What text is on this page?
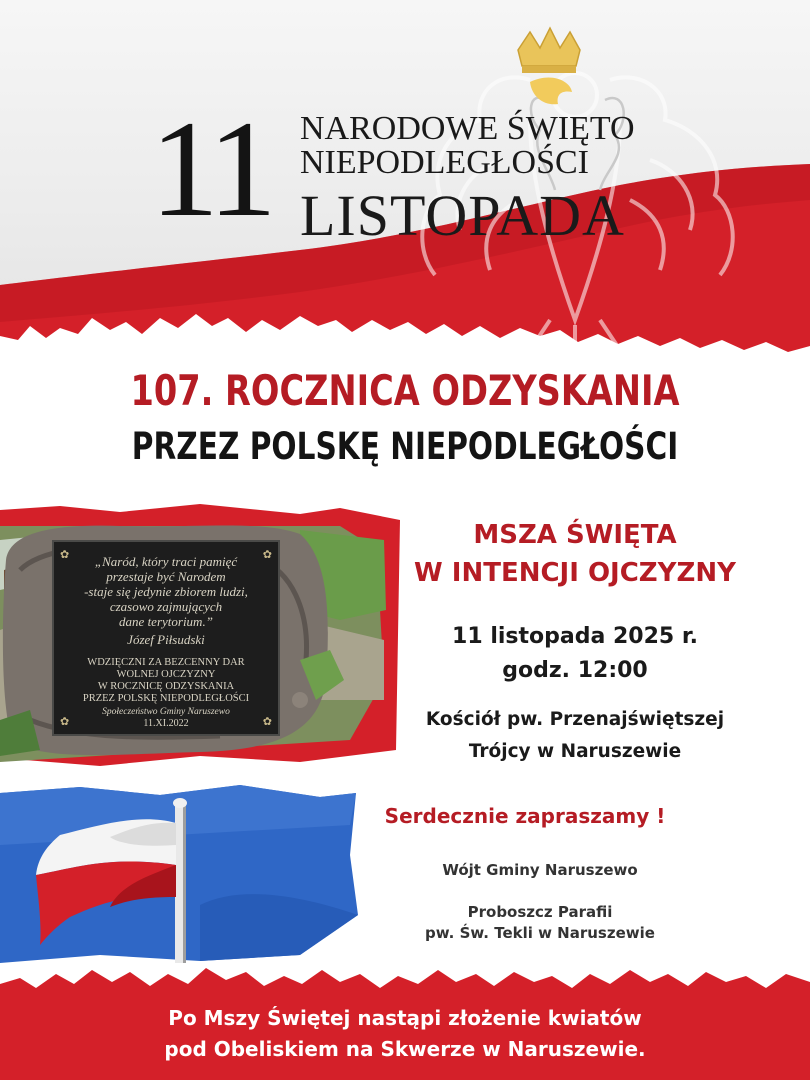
11 NARODOWE ŚWIĘTO
NIEPODLEGŁOŚCI
LISTOPADA
107. ROCZNICA ODZYSKANIA
PRZEZ POLSKĘ NIEPODLEGŁOŚCI
✿	✿
✿	✿
„Naród, który traci pamięć
przestaje być Narodem
-staje się jedynie zbiorem ludzi,
czasowo zajmujących
dane terytorium.”
Józef Piłsudski
WDZIĘCZNI ZA BEZCENNY DAR
WOLNEJ OJCZYZNY
W ROCZNICĘ ODZYSKANIA
PRZEZ POLSKĘ NIEPODLEGŁOŚCI
Społeczeństwo Gminy Naruszewo
11.XI.2022
MSZA ŚWIĘTA
W INTENCJI OJCZYZNY
11 listopada 2025 r.
godz. 12:00
Kościół pw. Przenajświętszej
Trójcy w Naruszewie
Serdecznie zapraszamy !
Wójt Gminy Naruszewo
Proboszcz Parafii
pw. Św. Tekli w Naruszewie
Po Mszy Świętej nastąpi złożenie kwiatów
pod Obeliskiem na Skwerze w Naruszewie.
